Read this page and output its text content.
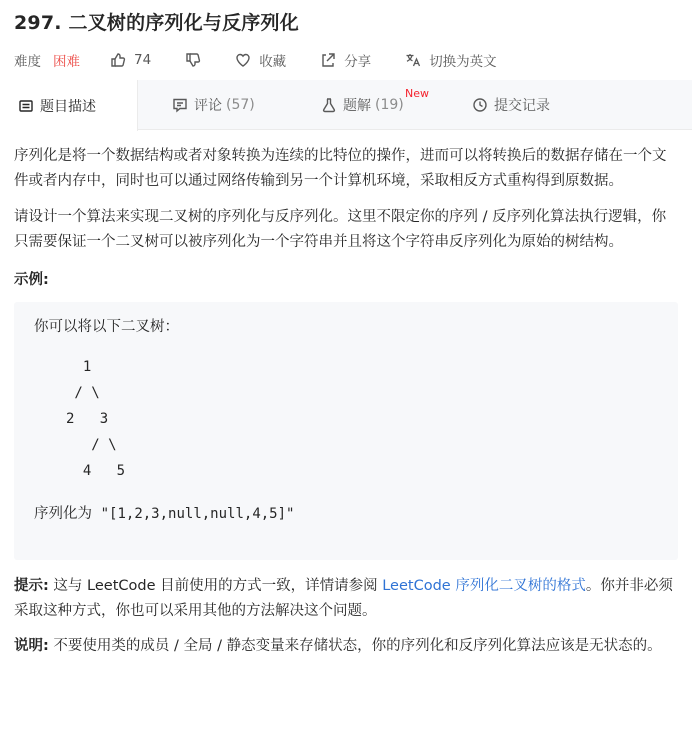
297. 二叉树的序列化与反序列化
难度 困难	74	收藏	分享	切换为英文
题目描述	评论 (57)	题解 (19)
New
提交记录

序列化是将一个数据结构或者对象转换为连续的比特位的操作，进而可以将转换后的数据存储在一个文件或者内存中，同时也可以通过网络传输到另一个计算机环境，采取相反方式重构得到原数据。

请设计一个算法来实现二叉树的序列化与反序列化。这里不限定你的序列 / 反序列化算法执行逻辑，你只需要保证一个二叉树可以被序列化为一个字符串并且将这个字符串反序列化为原始的树结构。

示例:
你可以将以下二叉树：
1
/ \
2   3
/ \
4   5
序列化为 "[1,2,3,null,null,4,5]"

提示: 这与 LeetCode 目前使用的方式一致，详情请参阅 LeetCode 序列化二叉树的格式。你并非必须采取这种方式，你也可以采用其他的方法解决这个问题。

说明: 不要使用类的成员 / 全局 / 静态变量来存储状态，你的序列化和反序列化算法应该是无状态的。
